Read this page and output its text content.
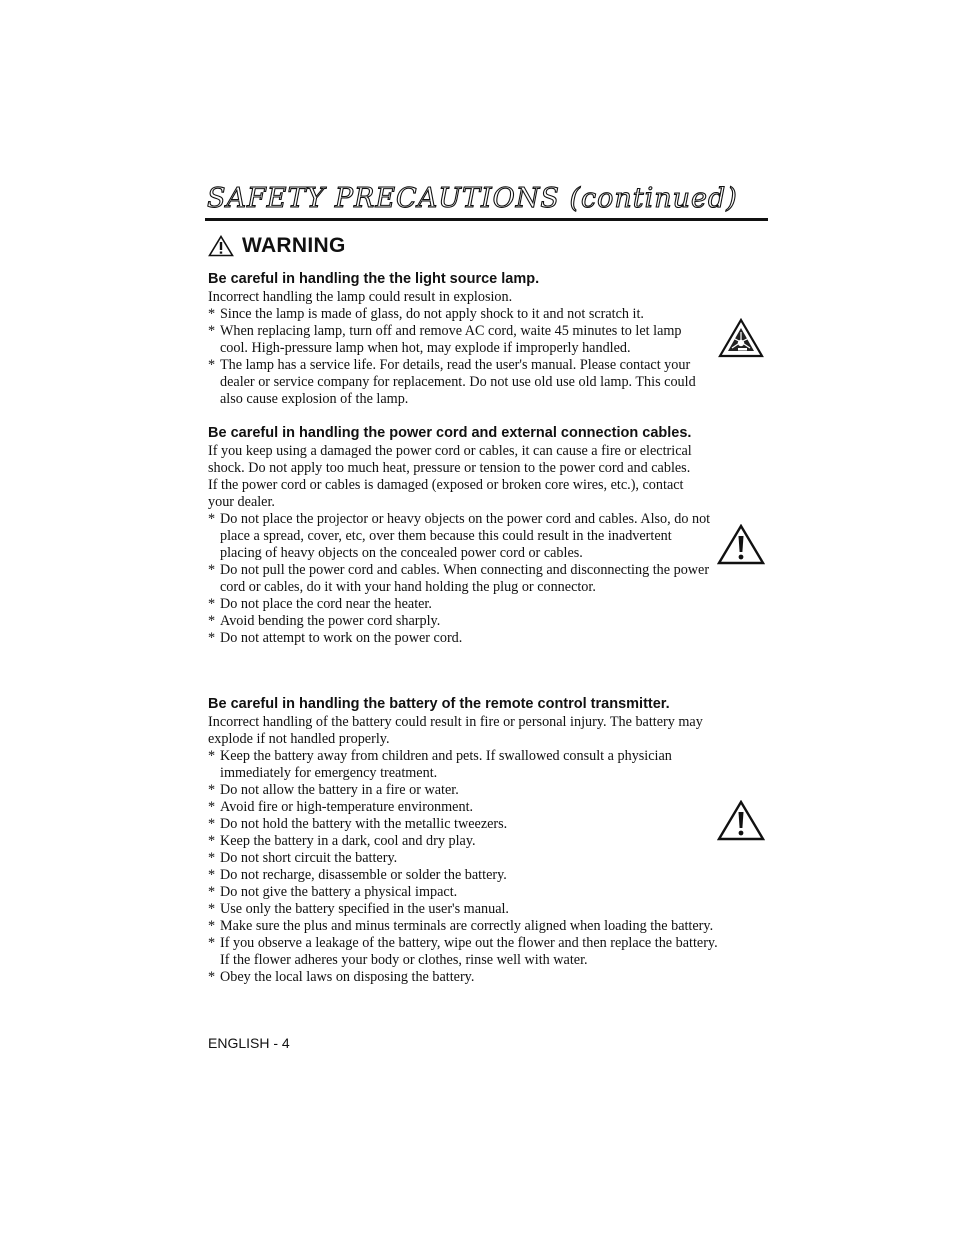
SAFETY PRECAUTIONS (continued)
WARNING
Be careful in handling the the light source lamp.

Incorrect handling the lamp could result in explosion.

* Since the lamp is made of glass, do not apply shock to it and not scratch it.
* When replacing lamp, turn off and remove AC cord, waite 45 minutes to let lamp cool. High-pressure lamp when hot, may explode if improperly handled.
* The lamp has a service life. For details, read the user's manual. Please contact your dealer or service company for replacement. Do not use old use old lamp. This could also cause explosion of the lamp.
Be careful in handling the power cord and external connection cables.

If you keep using a damaged the power cord or cables, it can cause a fire or electrical shock. Do not apply too much heat, pressure or tension to the power cord and cables.

If the power cord or cables is damaged (exposed or broken core wires, etc.), contact your dealer.

* Do not place the projector or heavy objects on the power cord and cables. Also, do not place a spread, cover, etc, over them because this could result in the inadvertent placing of heavy objects on the concealed power cord or cables.
* Do not pull the power cord and cables. When connecting and disconnecting the power cord or cables, do it with your hand holding the plug or connector.
* Do not place the cord near the heater.
* Avoid bending the power cord sharply.
* Do not attempt to work on the power cord.
Be careful in handling the battery of the remote control transmitter.

Incorrect handling of the battery could result in fire or personal injury. The battery may explode if not handled properly.

* Keep the battery away from children and pets. If swallowed consult a physician immediately for emergency treatment.
* Do not allow the battery in a fire or water.
* Avoid fire or high-temperature environment.
* Do not hold the battery with the metallic tweezers.
* Keep the battery in a dark, cool and dry play.
* Do not short circuit the battery.
* Do not recharge, disassemble or solder the battery.
* Do not give the battery a physical impact.
* Use only the battery specified in the user's manual.
* Make sure the plus and minus terminals are correctly aligned when loading the battery.
* If you observe a leakage of the battery, wipe out the flower and then replace the battery. If the flower adheres your body or clothes, rinse well with water.
* Obey the local laws on disposing the battery.
ENGLISH - 4
